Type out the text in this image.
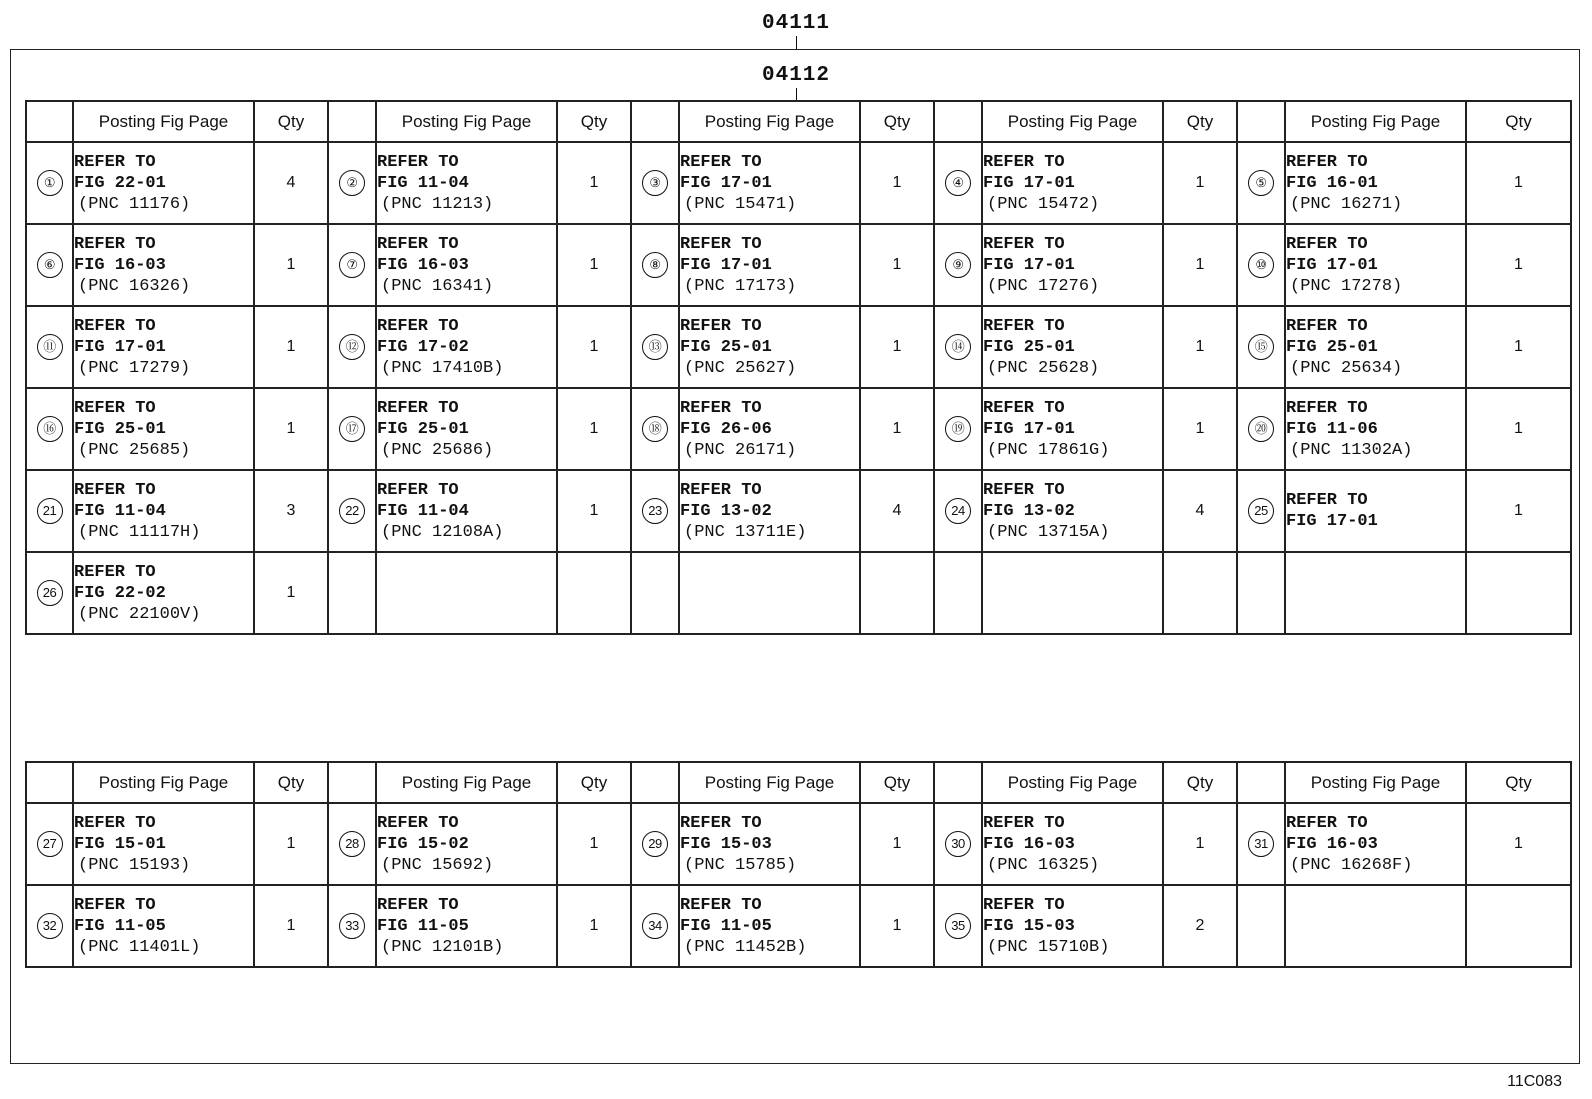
04111
04112
	Posting Fig Page	Qty		Posting Fig Page	Qty		Posting Fig Page	Qty		Posting Fig Page	Qty		Posting Fig Page	Qty
①	REFER TO
FIG 22-01
(PNC 11176)	4	②	REFER TO
FIG 11-04
(PNC 11213)	1	③	REFER TO
FIG 17-01
(PNC 15471)	1	④	REFER TO
FIG 17-01
(PNC 15472)	1	⑤	REFER TO
FIG 16-01
(PNC 16271)	1
⑥	REFER TO
FIG 16-03
(PNC 16326)	1	⑦	REFER TO
FIG 16-03
(PNC 16341)	1	⑧	REFER TO
FIG 17-01
(PNC 17173)	1	⑨	REFER TO
FIG 17-01
(PNC 17276)	1	⑩	REFER TO
FIG 17-01
(PNC 17278)	1
⑪	REFER TO
FIG 17-01
(PNC 17279)	1	⑫	REFER TO
FIG 17-02
(PNC 17410B)	1	⑬	REFER TO
FIG 25-01
(PNC 25627)	1	⑭	REFER TO
FIG 25-01
(PNC 25628)	1	⑮	REFER TO
FIG 25-01
(PNC 25634)	1
⑯	REFER TO
FIG 25-01
(PNC 25685)	1	⑰	REFER TO
FIG 25-01
(PNC 25686)	1	⑱	REFER TO
FIG 26-06
(PNC 26171)	1	⑲	REFER TO
FIG 17-01
(PNC 17861G)	1	⑳	REFER TO
FIG 11-06
(PNC 11302A)	1
21	REFER TO
FIG 11-04
(PNC 11117H)	3	22	REFER TO
FIG 11-04
(PNC 12108A)	1	23	REFER TO
FIG 13-02
(PNC 13711E)	4	24	REFER TO
FIG 13-02
(PNC 13715A)	4	25	REFER TO
FIG 17-01	1
26	REFER TO
FIG 22-02
(PNC 22100V)	1		

	Posting Fig Page	Qty		Posting Fig Page	Qty		Posting Fig Page	Qty		Posting Fig Page	Qty		Posting Fig Page	Qty
27	REFER TO
FIG 15-01
(PNC 15193)	1	28	REFER TO
FIG 15-02
(PNC 15692)	1	29	REFER TO
FIG 15-03
(PNC 15785)	1	30	REFER TO
FIG 16-03
(PNC 16325)	1	31	REFER TO
FIG 16-03
(PNC 16268F)	1
32	REFER TO
FIG 11-05
(PNC 11401L)	1	33	REFER TO
FIG 11-05
(PNC 12101B)	1	34	REFER TO
FIG 11-05
(PNC 11452B)	1	35	REFER TO
FIG 15-03
(PNC 15710B)	2		

11C083
